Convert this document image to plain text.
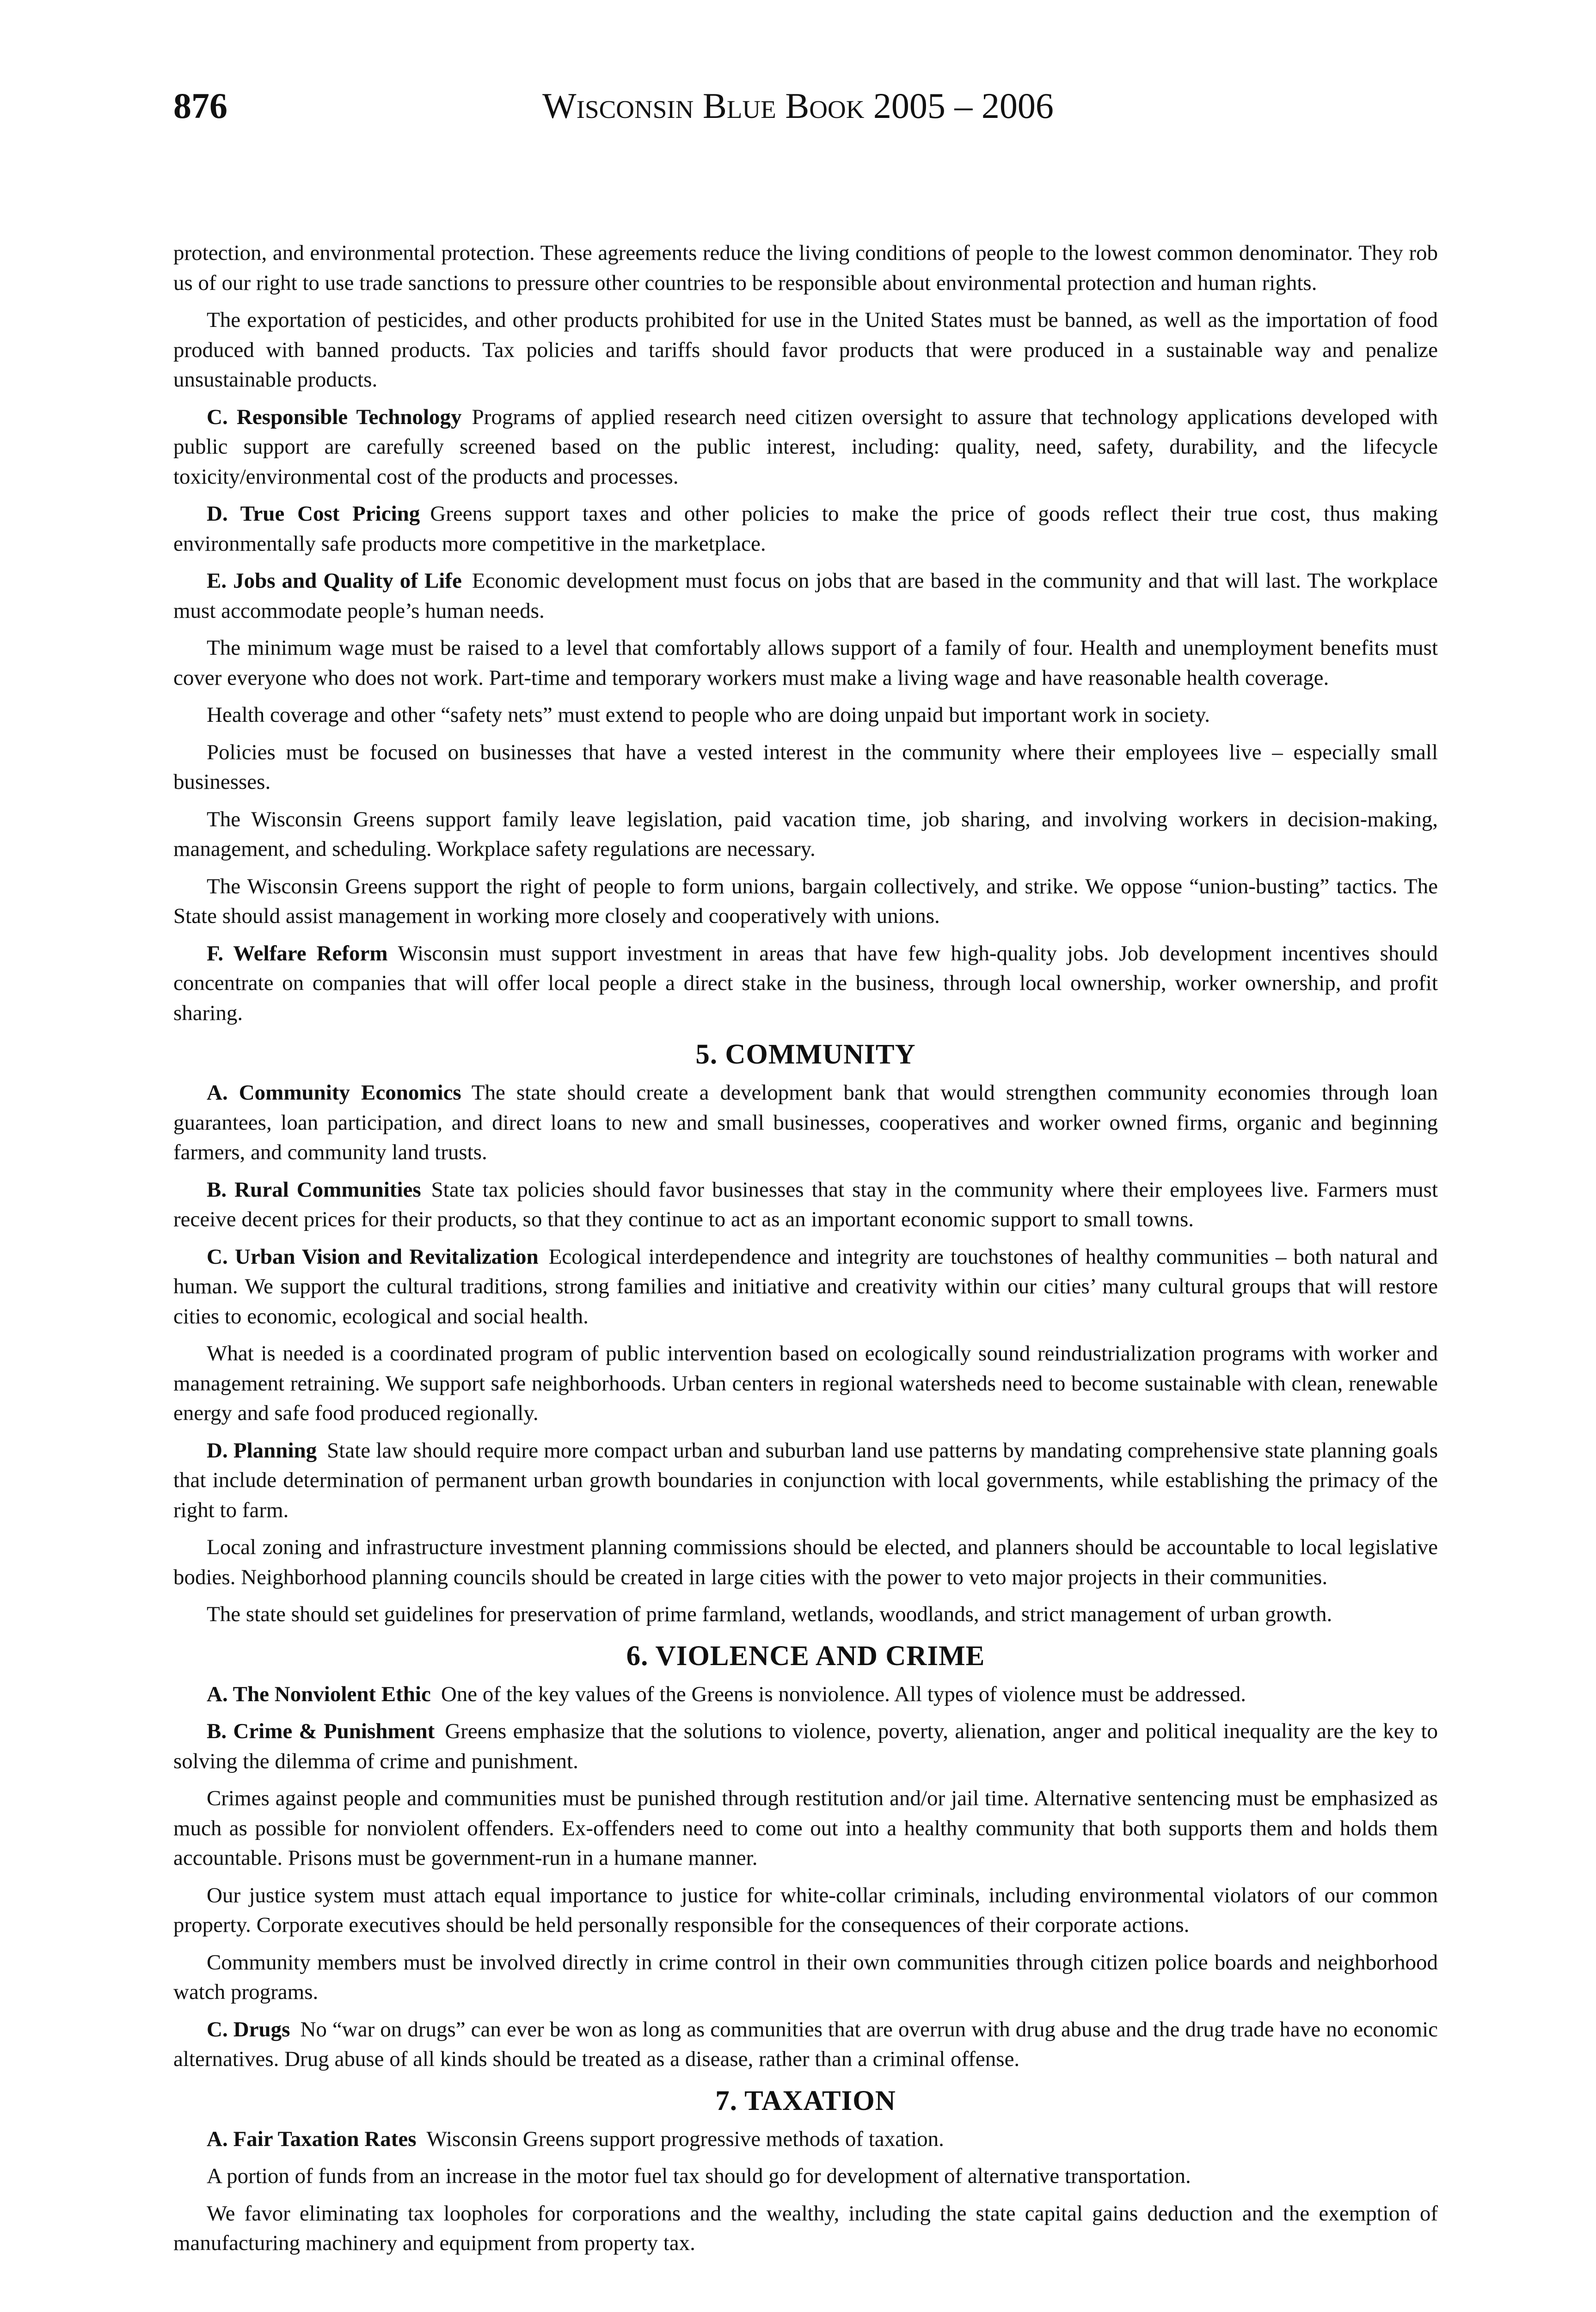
876	Wisconsin Blue Book 2005 – 2006

protection, and environmental protection. These agreements reduce the living conditions of people to the lowest common denominator. They rob us of our right to use trade sanctions to pressure other countries to be responsible about environmental protection and human rights.

The exportation of pesticides, and other products prohibited for use in the United States must be banned, as well as the importation of food produced with banned products. Tax policies and tariffs should favor products that were produced in a sustainable way and penalize unsustainable products.

C. Responsible Technology Programs of applied research need citizen oversight to assure that technology applications developed with public support are carefully screened based on the public interest, including: quality, need, safety, durability, and the lifecycle toxicity/environmental cost of the products and processes.

D. True Cost Pricing Greens support taxes and other policies to make the price of goods reflect their true cost, thus making environmentally safe products more competitive in the marketplace.

E. Jobs and Quality of Life Economic development must focus on jobs that are based in the community and that will last. The workplace must accommodate people’s human needs.

The minimum wage must be raised to a level that comfortably allows support of a family of four. Health and unemployment benefits must cover everyone who does not work. Part-time and temporary workers must make a living wage and have reasonable health coverage.

Health coverage and other “safety nets” must extend to people who are doing unpaid but important work in society.

Policies must be focused on businesses that have a vested interest in the community where their employees live – especially small businesses.

The Wisconsin Greens support family leave legislation, paid vacation time, job sharing, and involving workers in decision-making, management, and scheduling. Workplace safety regulations are necessary.

The Wisconsin Greens support the right of people to form unions, bargain collectively, and strike. We oppose “union-busting” tactics. The State should assist management in working more closely and cooperatively with unions.

F. Welfare Reform Wisconsin must support investment in areas that have few high-quality jobs. Job development incentives should concentrate on companies that will offer local people a direct stake in the business, through local ownership, worker ownership, and profit sharing.

5. COMMUNITY

A. Community Economics The state should create a development bank that would strengthen community economies through loan guarantees, loan participation, and direct loans to new and small businesses, cooperatives and worker owned firms, organic and beginning farmers, and community land trusts.

B. Rural Communities State tax policies should favor businesses that stay in the community where their employees live. Farmers must receive decent prices for their products, so that they continue to act as an important economic support to small towns.

C. Urban Vision and Revitalization Ecological interdependence and integrity are touchstones of healthy communities – both natural and human. We support the cultural traditions, strong families and initiative and creativity within our cities’ many cultural groups that will restore cities to economic, ecological and social health.

What is needed is a coordinated program of public intervention based on ecologically sound reindustrialization programs with worker and management retraining. We support safe neighborhoods. Urban centers in regional watersheds need to become sustainable with clean, renewable energy and safe food produced regionally.

D. Planning State law should require more compact urban and suburban land use patterns by mandating comprehensive state planning goals that include determination of permanent urban growth boundaries in conjunction with local governments, while establishing the primacy of the right to farm.

Local zoning and infrastructure investment planning commissions should be elected, and planners should be accountable to local legislative bodies. Neighborhood planning councils should be created in large cities with the power to veto major projects in their communities.

The state should set guidelines for preservation of prime farmland, wetlands, woodlands, and strict management of urban growth.

6. VIOLENCE AND CRIME

A. The Nonviolent Ethic One of the key values of the Greens is nonviolence. All types of violence must be addressed.

B. Crime & Punishment Greens emphasize that the solutions to violence, poverty, alienation, anger and political inequality are the key to solving the dilemma of crime and punishment.

Crimes against people and communities must be punished through restitution and/or jail time. Alternative sentencing must be emphasized as much as possible for nonviolent offenders. Ex-offenders need to come out into a healthy community that both supports them and holds them accountable. Prisons must be government-run in a humane manner.

Our justice system must attach equal importance to justice for white-collar criminals, including environmental violators of our common property. Corporate executives should be held personally responsible for the consequences of their corporate actions.

Community members must be involved directly in crime control in their own communities through citizen police boards and neighborhood watch programs.

C. Drugs No “war on drugs” can ever be won as long as communities that are overrun with drug abuse and the drug trade have no economic alternatives. Drug abuse of all kinds should be treated as a disease, rather than a criminal offense.

7. TAXATION

A. Fair Taxation Rates Wisconsin Greens support progressive methods of taxation.

A portion of funds from an increase in the motor fuel tax should go for development of alternative transportation.

We favor eliminating tax loopholes for corporations and the wealthy, including the state capital gains deduction and the exemption of manufacturing machinery and equipment from property tax.
